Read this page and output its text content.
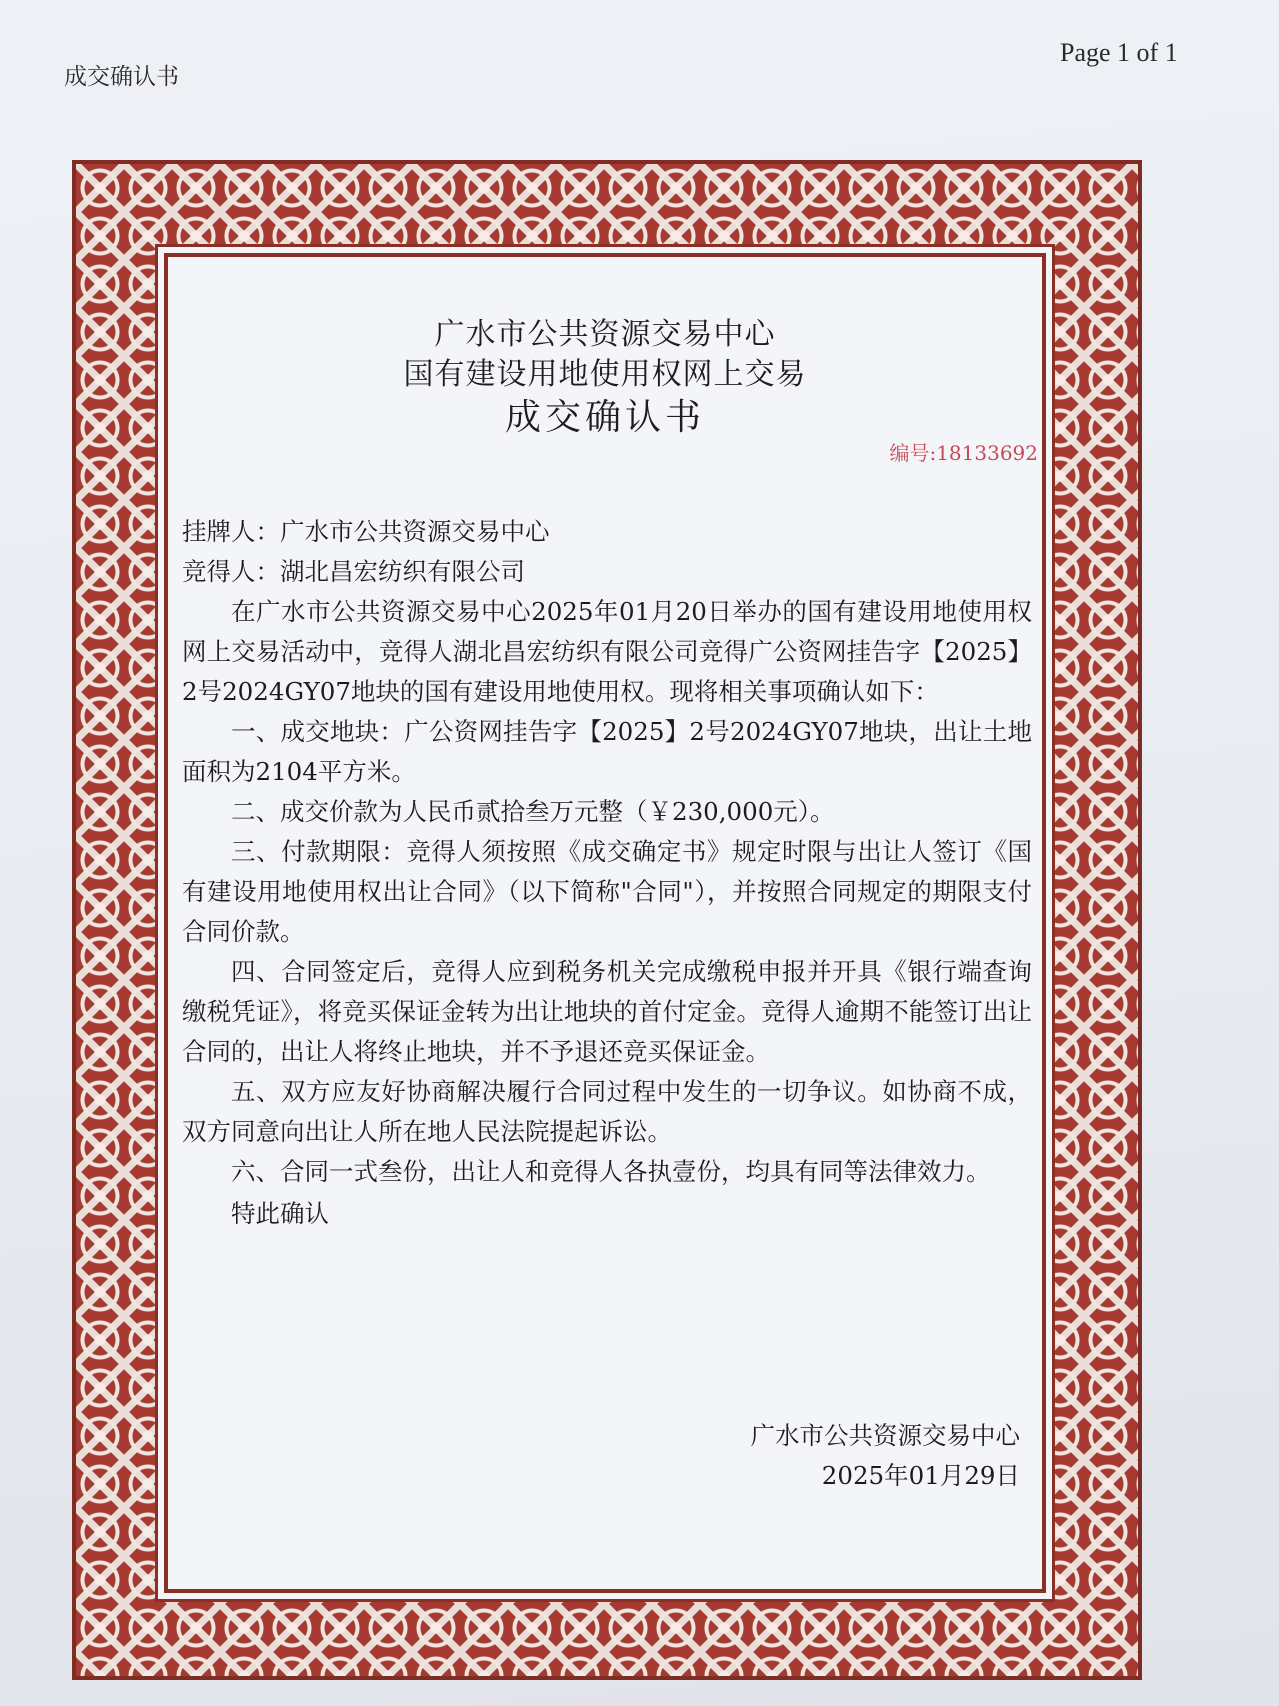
成交确认书
Page 1 of 1
广水市公共资源交易中心
国有建设用地使用权网上交易
成交确认书
编号:18133692

挂牌人：广水市公共资源交易中心

竞得人：湖北昌宏纺织有限公司

在广水市公共资源交易中心2025年01月20日举办的国有建设用地使用权网上交易活动中，竞得人湖北昌宏纺织有限公司竞得广公资网挂告字【2025】2号2024GY07地块的国有建设用地使用权。现将相关事项确认如下：

一、成交地块：广公资网挂告字【2025】2号2024GY07地块，出让土地面积为2104平方米。

二、成交价款为人民币贰拾叁万元整（￥230,000元）。

三、付款期限：竞得人须按照《成交确定书》规定时限与出让人签订《国有建设用地使用权出让合同》（以下简称"合同"），并按照合同规定的期限支付合同价款。

四、合同签定后，竞得人应到税务机关完成缴税申报并开具《银行端查询缴税凭证》，将竞买保证金转为出让地块的首付定金。竞得人逾期不能签订出让合同的，出让人将终止地块，并不予退还竞买保证金。

五、双方应友好协商解决履行合同过程中发生的一切争议。如协商不成，双方同意向出让人所在地人民法院提起诉讼。

六、合同一式叁份，出让人和竞得人各执壹份，均具有同等法律效力。

特此确认

广水市公共资源交易中心
2025年01月29日
